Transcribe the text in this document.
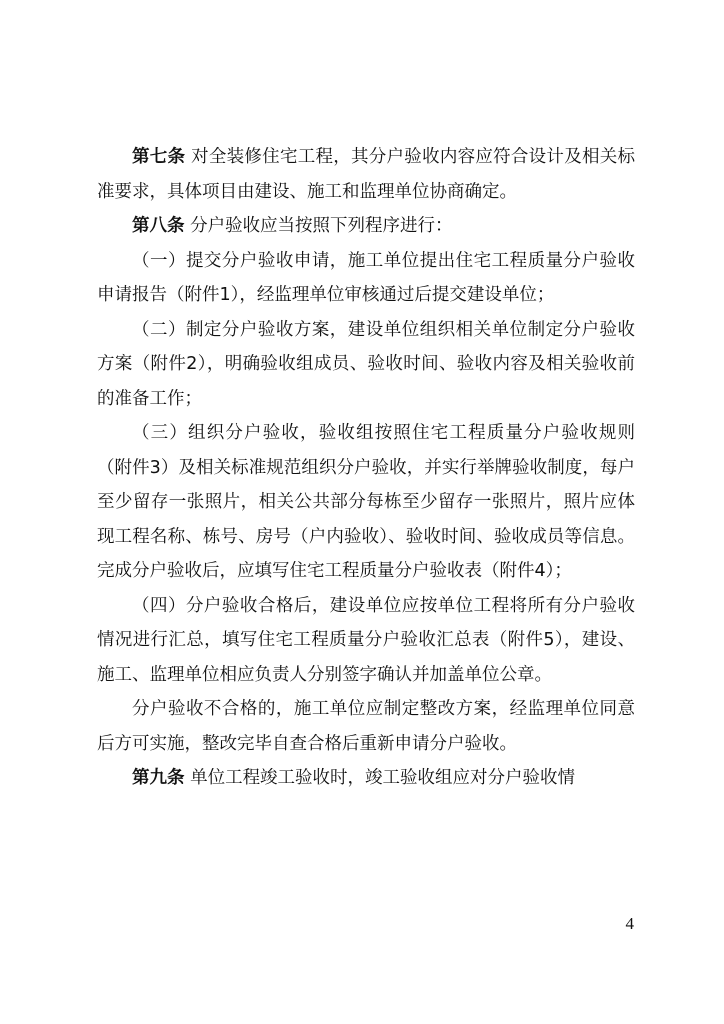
第七条 对全装修住宅工程，其分户验收内容应符合设计及相关标准要求，具体项目由建设、施工和监理单位协商确定。

第八条 分户验收应当按照下列程序进行：

（一）提交分户验收申请，施工单位提出住宅工程质量分户验收申请报告（附件1），经监理单位审核通过后提交建设单位；

（二）制定分户验收方案，建设单位组织相关单位制定分户验收方案（附件2），明确验收组成员、验收时间、验收内容及相关验收前的准备工作；

（三）组织分户验收，验收组按照住宅工程质量分户验收规则（附件3）及相关标准规范组织分户验收，并实行举牌验收制度，每户至少留存一张照片，相关公共部分每栋至少留存一张照片，照片应体现工程名称、栋号、房号（户内验收）、验收时间、验收成员等信息。完成分户验收后，应填写住宅工程质量分户验收表（附件4）；

（四）分户验收合格后，建设单位应按单位工程将所有分户验收情况进行汇总，填写住宅工程质量分户验收汇总表（附件5），建设、施工、监理单位相应负责人分别签字确认并加盖单位公章。

分户验收不合格的，施工单位应制定整改方案，经监理单位同意后方可实施，整改完毕自查合格后重新申请分户验收。

第九条 单位工程竣工验收时，竣工验收组应对分户验收情

4
